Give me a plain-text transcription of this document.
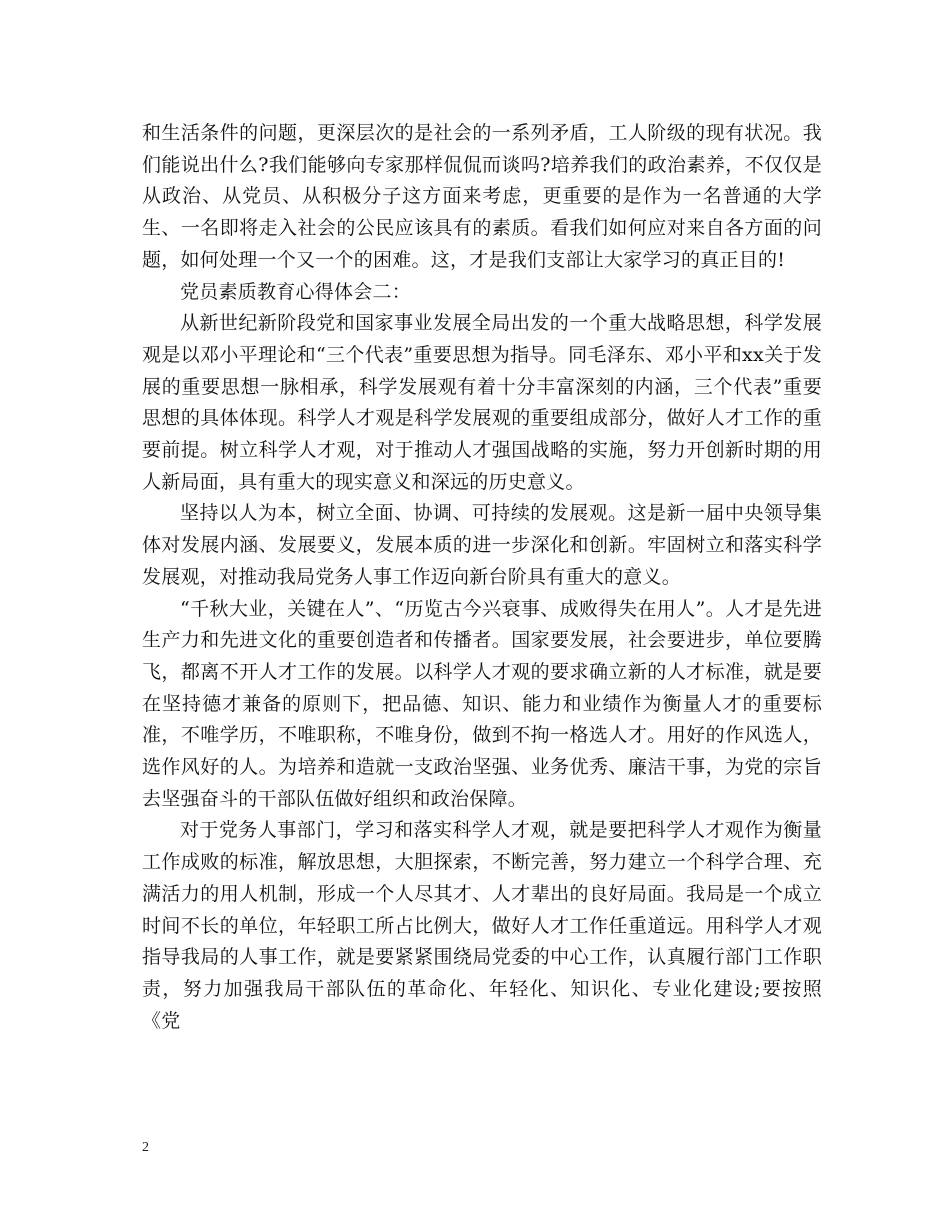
和生活条件的问题，更深层次的是社会的一系列矛盾，工人阶级的现有状况。我们能说出什么?我们能够向专家那样侃侃而谈吗?培养我们的政治素养，不仅仅是从政治、从党员、从积极分子这方面来考虑，更重要的是作为一名普通的大学生、一名即将走入社会的公民应该具有的素质。看我们如何应对来自各方面的问题，如何处理一个又一个的困难。这，才是我们支部让大家学习的真正目的!

党员素质教育心得体会二：

从新世纪新阶段党和国家事业发展全局出发的一个重大战略思想，科学发展观是以邓小平理论和“三个代表”重要思想为指导。同毛泽东、邓小平和xx关于发展的重要思想一脉相承，科学发展观有着十分丰富深刻的内涵，三个代表”重要思想的具体体现。科学人才观是科学发展观的重要组成部分，做好人才工作的重要前提。树立科学人才观，对于推动人才强国战略的实施，努力开创新时期的用人新局面，具有重大的现实意义和深远的历史意义。

坚持以人为本，树立全面、协调、可持续的发展观。这是新一届中央领导集体对发展内涵、发展要义，发展本质的进一步深化和创新。牢固树立和落实科学发展观，对推动我局党务人事工作迈向新台阶具有重大的意义。

“千秋大业，关键在人”、“历览古今兴衰事、成败得失在用人”。人才是先进生产力和先进文化的重要创造者和传播者。国家要发展，社会要进步，单位要腾飞，都离不开人才工作的发展。以科学人才观的要求确立新的人才标准，就是要在坚持德才兼备的原则下，把品德、知识、能力和业绩作为衡量人才的重要标准，不唯学历，不唯职称，不唯身份，做到不拘一格选人才。用好的作风选人，选作风好的人。为培养和造就一支政治坚强、业务优秀、廉洁干事，为党的宗旨去坚强奋斗的干部队伍做好组织和政治保障。

对于党务人事部门，学习和落实科学人才观，就是要把科学人才观作为衡量工作成败的标准，解放思想，大胆探索，不断完善，努力建立一个科学合理、充满活力的用人机制，形成一个人尽其才、人才辈出的良好局面。我局是一个成立时间不长的单位，年轻职工所占比例大，做好人才工作任重道远。用科学人才观指导我局的人事工作，就是要紧紧围绕局党委的中心工作，认真履行部门工作职责，努力加强我局干部队伍的革命化、年轻化、知识化、专业化建设;要按照《党

2
